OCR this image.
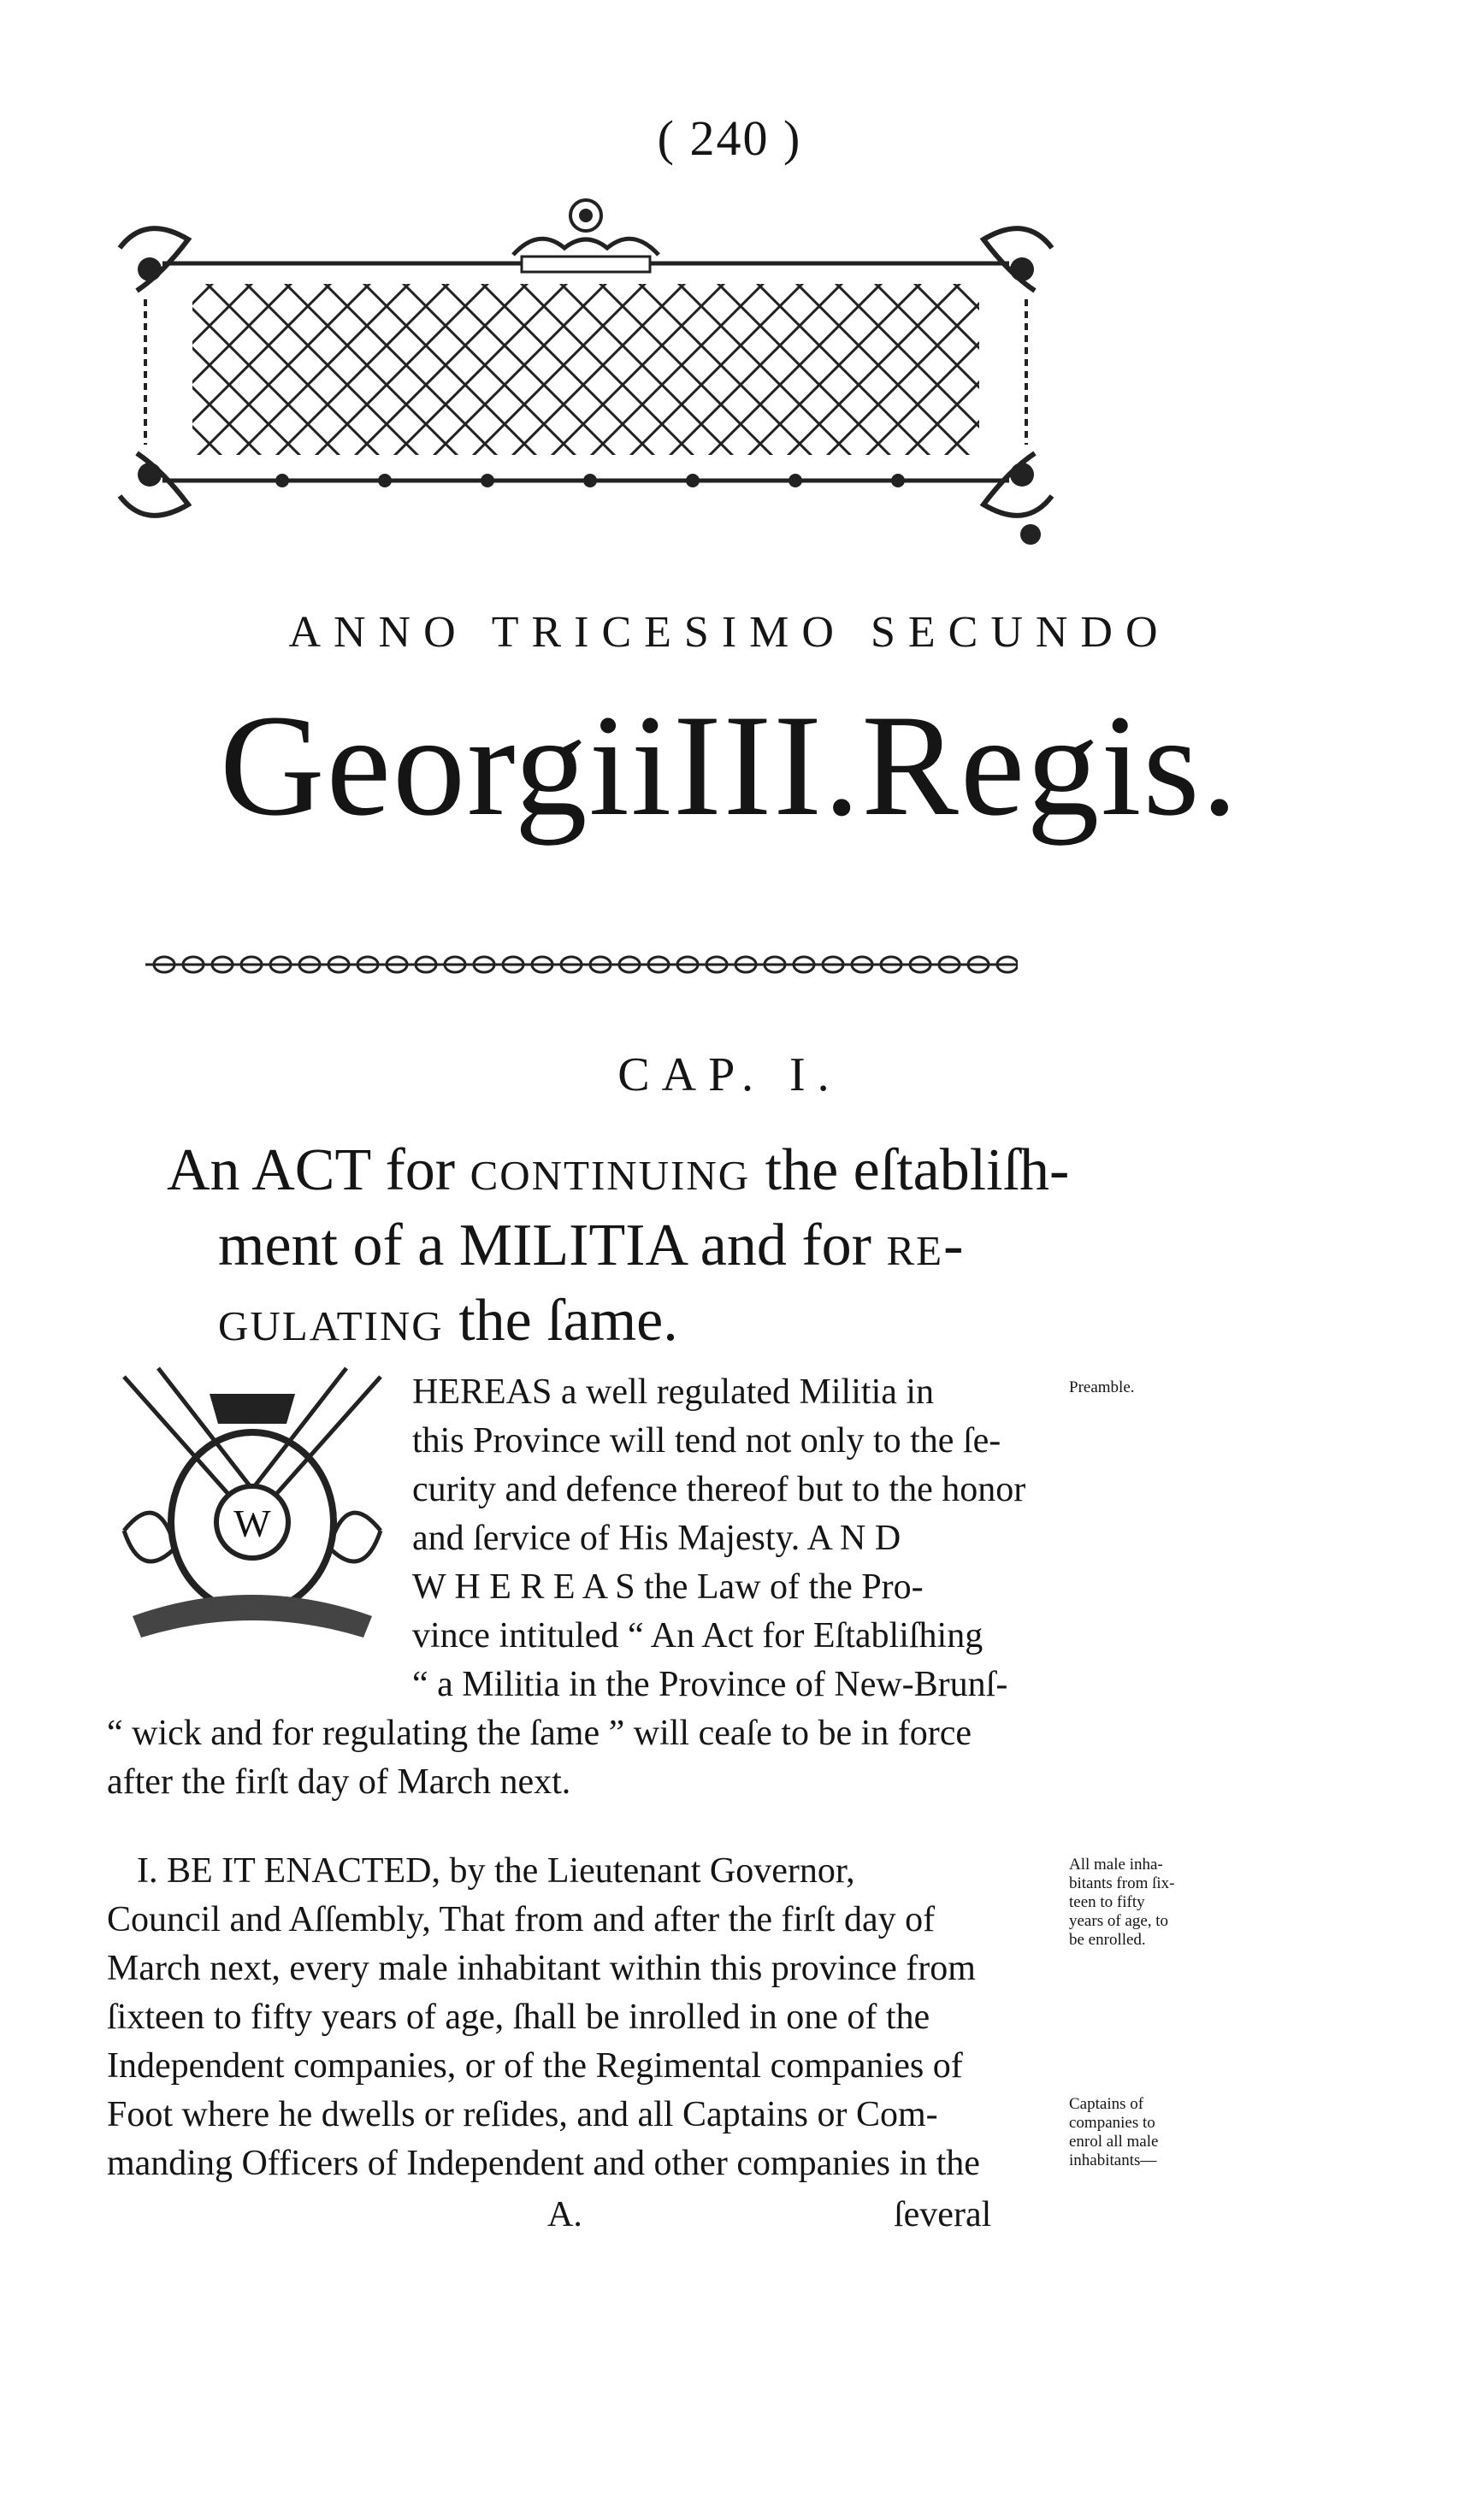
( 240 )
ANNO TRICESIMO SECUNDO
GeorgiiIII.Regis.
CAP. I.
An ACT for continuing the eſtabliſh-
ment of a MILITIA and for re-
gulating the ſame.
W
HEREAS a well regulated Militia in
this Province will tend not only to the ſe-
curity and defence thereof but to the honor
and ſervice of His Majesty. A N D
W H E R E A S the Law of the Pro-
vince intituled “ An Act for Eſtabliſhing
“ a Militia in the Province of New-Brunſ-
“ wick and for regulating the ſame ” will ceaſe to be in force
after the firſt day of March next.
I. BE IT ENACTED, by the Lieutenant Governor,
Council and Aſſembly, That from and after the firſt day of
March next, every male inhabitant within this province from
ſixteen to fifty years of age, ſhall be inrolled in one of the
Independent companies, or of the Regimental companies of
Foot where he dwells or reſides, and all Captains or Com-
manding Officers of Independent and other companies in the
A.	ſeveral
Preamble.
All male inha-
bitants from ſix-
teen to fifty
years of age, to
be enrolled.
Captains of
companies to
enrol all male
inhabitants—
